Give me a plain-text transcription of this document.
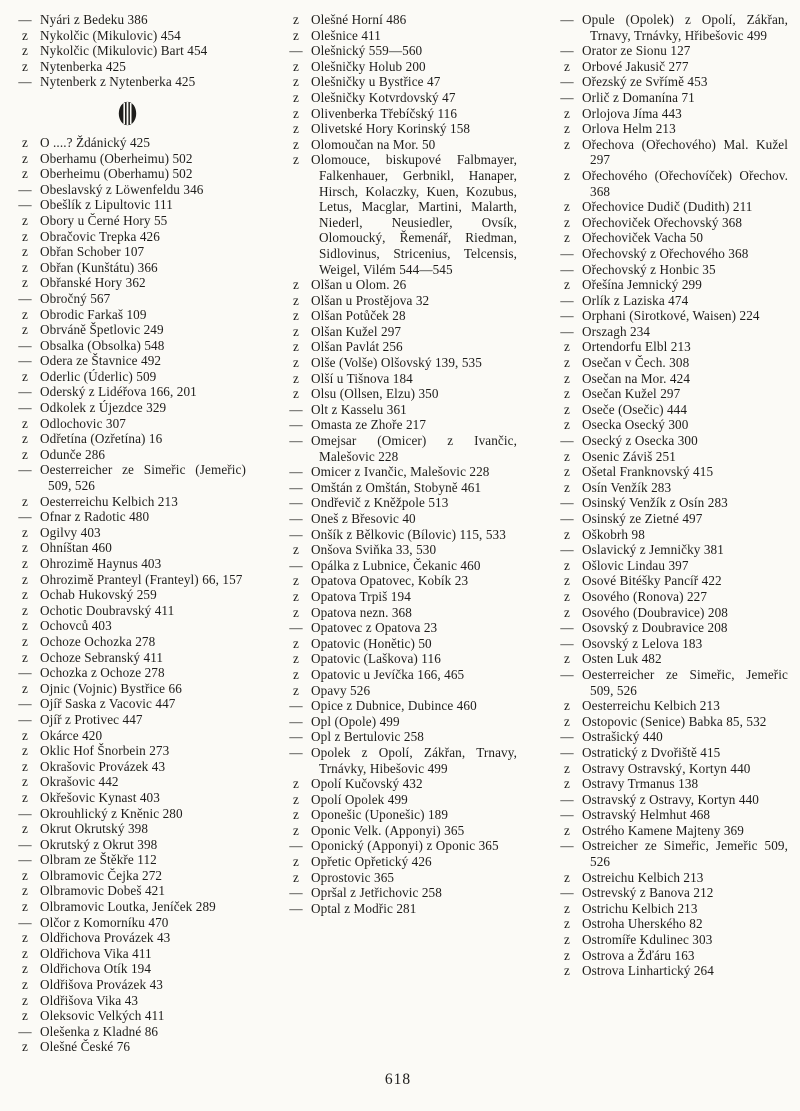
— Nyári z Bedeku 386
z Nykolčic (Mikulovic) 454
z Nykolčic (Mikulovic) Bart 454
z Nytenberka 425
— Nytenberk z Nytenberka 425
z O ....? Ždánický 425
z Oberhamu (Oberheimu) 502
z Oberheimu (Oberhamu) 502
— Obeslavský z Löwenfeldu 346
— Obešlík z Lipultovic 111
z Obory u Černé Hory 55
z Obračovic Trepka 426
z Obřan Schober 107
z Obřan (Kunštátu) 366
z Obřanské Hory 362
— Obročný 567
z Obrodic Farkaš 109
z Obrváně Špetlovic 249
— Obsalka (Obsolka) 548
— Odera ze Štavnice 492
z Oderlic (Úderlic) 509
— Oderský z Lidéřova 166, 201
— Odkolek z Újezdce 329
z Odlochovic 307
z Odřetína (Ozřetína) 16
z Odunče 286
— Oesterreicher ze Simeřic (Jemeřic) 509, 526
z Oesterreichu Kelbich 213
— Ofnar z Radotic 480
z Ogilvy 403
z Ohníštan 460
z Ohrozimě Haynus 403
z Ohrozimě Pranteyl (Franteyl) 66, 157
z Ochab Hukovský 259
z Ochotic Doubravský 411
z Ochovců 403
z Ochoze Ochozka 278
z Ochoze Sebranský 411
— Ochozka z Ochoze 278
z Ojnic (Vojnic) Bystřice 66
— Ojíř Saska z Vacovic 447
— Ojíř z Protivec 447
z Okárce 420
z Oklic Hof Šnorbein 273
z Okrašovic Provázek 43
z Okrašovic 442
z Okřešovic Kynast 403
— Okrouhlický z Kněnic 280
z Okrut Okrutský 398
— Okrutský z Okrut 398
— Olbram ze Štěkře 112
z Olbramovic Čejka 272
z Olbramovic Dobeš 421
z Olbramovic Loutka, Jeníček 289
— Olčor z Komorníku 470
z Oldřichova Provázek 43
z Oldřichova Vika 411
z Oldřichova Otík 194
z Oldřišova Provázek 43
z Oldřišova Vika 43
z Oleksovic Velkých 411
— Olešenka z Kladné 86
z Olešné České 76
z Olešné Horní 486
z Olešnice 411
— Olešnický 559—560
z Olešničky Holub 200
z Olešničky u Bystřice 47
z Olešničky Kotvrdovský 47
z Olivenberka Třebíčský 116
z Olivetské Hory Korinský 158
z Olomoučan na Mor. 50
z Olomouce, biskupové Falbmayer, Falkenhauer, Gerbnikl, Hanaper, Hirsch, Kolaczky, Kuen, Kozubus, Letus, Macglar, Martini, Malarth, Niederl, Neusiedler, Ovsík, Olomoucký, Řemenář, Riedman, Sidlovinus, Stricenius, Telcensis, Weigel, Vilém 544—545
z Olšan u Olom. 26
z Olšan u Prostějova 32
z Olšan Potůček 28
z Olšan Kužel 297
z Olšan Pavlát 256
z Olše (Volše) Olšovský 139, 535
z Olší u Tišnova 184
z Olsu (Ollsen, Elzu) 350
— Olt z Kasselu 361
— Omasta ze Zhoře 217
— Omejsar (Omicer) z Ivančic, Malešovic 228
— Omicer z Ivančic, Malešovic 228
— Omštán z Omštán, Stobyně 461
— Ondřevič z Kněžpole 513
— Oneš z Břesovic 40
— Onšík z Bělkovic (Bílovic) 115, 533
z Onšova Sviňka 33, 530
— Opálka z Lubnice, Čekanic 460
z Opatova Opatovec, Kobík 23
z Opatova Trpiš 194
z Opatova nezn. 368
— Opatovec z Opatova 23
z Opatovic (Honětic) 50
z Opatovic (Laškova) 116
z Opatovic u Jevíčka 166, 465
z Opavy 526
— Opice z Dubnice, Dubince 460
— Opl (Opole) 499
— Opl z Bertulovic 258
— Opolek z Opolí, Zákřan, Trnavy, Trnávky, Hibešovic 499
z Opolí Kučovský 432
z Opolí Opolek 499
z Oponešic (Uponešic) 189
z Oponic Velk. (Apponyi) 365
— Oponický (Apponyi) z Oponic 365
z Opřetic Opřetický 426
z Oprostovic 365
— Opršal z Jetřichovic 258
— Optal z Modřic 281
— Opule (Opolek) z Opolí, Zákřan, Trnavy, Trnávky, Hřibešovic 499
— Orator ze Sionu 127
z Orbové Jakusič 277
— Ořezský ze Svřímě 453
— Orlič z Domanína 71
z Orlojova Jíma 443
z Orlova Helm 213
z Ořechova (Ořechového) Mal. Kužel 297
z Ořechového (Ořechovíček) Ořechov. 368
z Ořechovice Dudič (Dudith) 211
z Ořechoviček Ořechovský 368
z Ořechoviček Vacha 50
— Ořechovský z Ořechového 368
— Ořechovský z Honbic 35
z Ořešína Jemnický 299
— Orlík z Laziska 474
— Orphani (Sirotkové, Waisen) 224
— Orszagh 234
z Ortendorfu Elbl 213
z Osečan v Čech. 308
z Osečan na Mor. 424
z Osečan Kužel 297
z Oseče (Osečic) 444
z Osecka Osecký 300
— Osecký z Osecka 300
z Osenic Záviš 251
z Ošetal Franknovský 415
z Osín Venžík 283
— Osinský Venžík z Osín 283
— Osinský ze Zietné 497
z Oškobrh 98
— Oslavický z Jemničky 381
z Ošlovic Lindau 397
z Osové Bitéšky Pancíř 422
z Osového (Ronova) 227
z Osového (Doubravice) 208
— Osovský z Doubravice 208
— Osovský z Lelova 183
z Osten Luk 482
— Oesterreicher ze Simeřic, Jemeřic 509, 526
z Oesterreichu Kelbich 213
z Ostopovic (Senice) Babka 85, 532
— Ostrašický 440
— Ostratický z Dvořiště 415
z Ostravy Ostravský, Kortyn 440
z Ostravy Trmanus 138
— Ostravský z Ostravy, Kortyn 440
— Ostravský Helmhut 468
z Ostrého Kamene Majteny 369
— Ostreicher ze Simeřic, Jemeřic 509, 526
z Ostreichu Kelbich 213
— Ostrevský z Banova 212
z Ostrichu Kelbich 213
z Ostroha Uherského 82
z Ostromíře Kdulinec 303
z Ostrova a Žďáru 163
z Ostrova Linhartický 264
618
